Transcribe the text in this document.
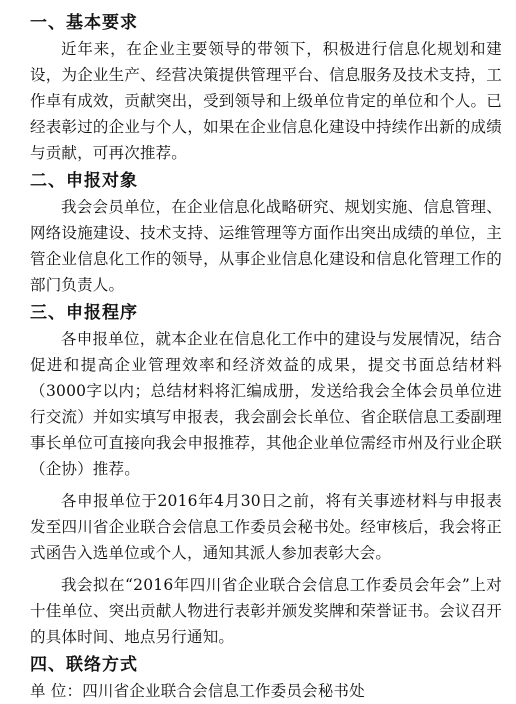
一、基本要求

近年来，在企业主要领导的带领下，积极进行信息化规划和建设，为企业生产、经营决策提供管理平台、信息服务及技术支持，工作卓有成效，贡献突出，受到领导和上级单位肯定的单位和个人。已经表彰过的企业与个人，如果在企业信息化建设中持续作出新的成绩与贡献，可再次推荐。

二、申报对象

我会会员单位，在企业信息化战略研究、规划实施、信息管理、网络设施建设、技术支持、运维管理等方面作出突出成绩的单位，主管企业信息化工作的领导，从事企业信息化建设和信息化管理工作的部门负责人。

三、申报程序

各申报单位，就本企业在信息化工作中的建设与发展情况，结合促进和提高企业管理效率和经济效益的成果，提交书面总结材料（3000字以内；总结材料将汇编成册，发送给我会全体会员单位进行交流）并如实填写申报表，我会副会长单位、省企联信息工委副理事长单位可直接向我会申报推荐，其他企业单位需经市州及行业企联（企协）推荐。

各申报单位于2016年4月30日之前，将有关事迹材料与申报表发至四川省企业联合会信息工作委员会秘书处。经审核后，我会将正式函告入选单位或个人，通知其派人参加表彰大会。

我会拟在“2016年四川省企业联合会信息工作委员会年会”上对十佳单位、突出贡献人物进行表彰并颁发奖牌和荣誉证书。会议召开的具体时间、地点另行通知。

四、联络方式

单 位：四川省企业联合会信息工作委员会秘书处
